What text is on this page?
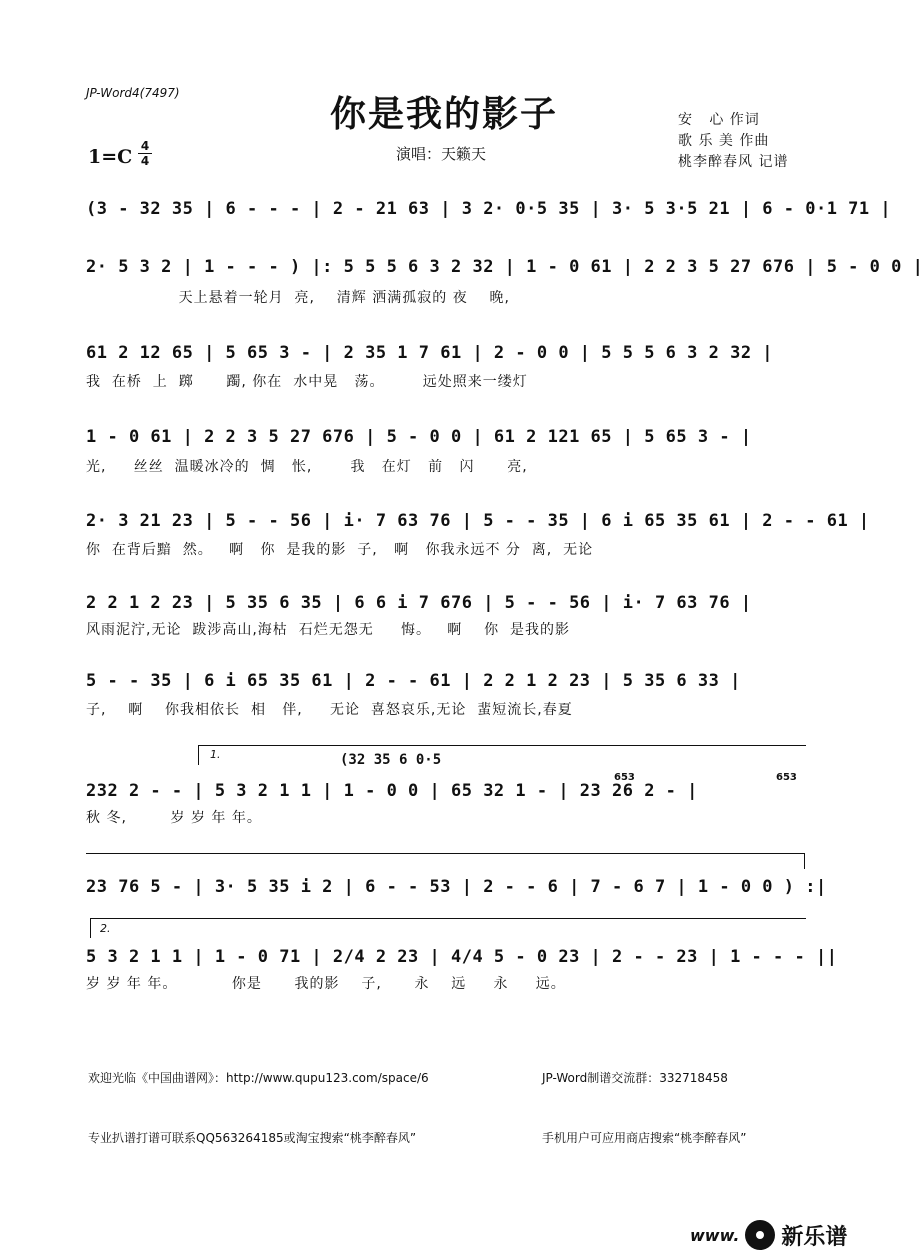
JP-Word4(7497)	你是我的影子
1=C 4
4	演唱：天籁天
安   心 作词
歌 乐 美 作曲
桃李醉春风 记谱
(3 - 32 35 | 6 - - - | 2 - 21 63 | 3 2· 0·5 35 | 3· 5 3·5 21 | 6 - 0·1 71 |
2· 5 3 2 | 1 - - - ) |: 5 5 5 6 3 2 32 | 1 - 0 61 | 2 2 3 5 27 676 | 5 - 0 0 |
天上悬着一轮月  亮,    清辉 洒满孤寂的 夜    晚,
61 2 12 65 | 5 65 3 - | 2 35 1 7 61 | 2 - 0 0 | 5 5 5 6 3 2 32 |
我  在桥  上  踯      躅, 你在  水中晃   荡。       远处照来一缕灯
1 - 0 61 | 2 2 3 5 27 676 | 5 - 0 0 | 61 2 121 65 | 5 65 3 - |
光,     丝丝  温暖冰冷的  惆   怅,       我   在灯   前   闪      亮,
2· 3 21 23 | 5 - - 56 | i· 7 63 76 | 5 - - 35 | 6 i 65 35 61 | 2 - - 61 |
你  在背后黯  然。   啊   你  是我的影  子,   啊   你我永远不 分  离,  无论
2 2 1 2 23 | 5 35 6 35 | 6 6 i 7 676 | 5 - - 56 | i· 7 63 76 |
风雨泥泞,无论  跋涉高山,海枯  石烂无怨无     悔。   啊    你  是我的影
5 - - 35 | 6 i 65 35 61 | 2 - - 61 | 2 2 1 2 23 | 5 35 6 33 |
子,    啊    你我相依长  相   伴,     无论  喜怒哀乐,无论  蜚短流长,春夏
1.	(32 35 6 0·5
232 2 - - | 5 3 2 1 1 | 1 - 0 0 | 65 32 1 - | 23 26 2 - |
653	653
秋 冬,        岁 岁 年 年。
23 76 5 - | 3· 5 35 i 2 | 6 - - 53 | 2 - - 6 | 7 - 6 7 | 1 - 0 0 ) :|
2.
5 3 2 1 1 | 1 - 0 71 | 2/4 2 23 | 4/4 5 - 0 23 | 2 - - 23 | 1 - - - ||
岁 岁 年 年。          你是      我的影    子,      永    远     永     远。

欢迎光临《中国曲谱网》：http://www.qupu123.com/space/6

专业扒谱打谱可联系QQ563264185或淘宝搜索“桃李醉春风”

JP-Word制谱交流群：332718458

手机用户可应用商店搜索“桃李醉春风”

www. 新乐谱
